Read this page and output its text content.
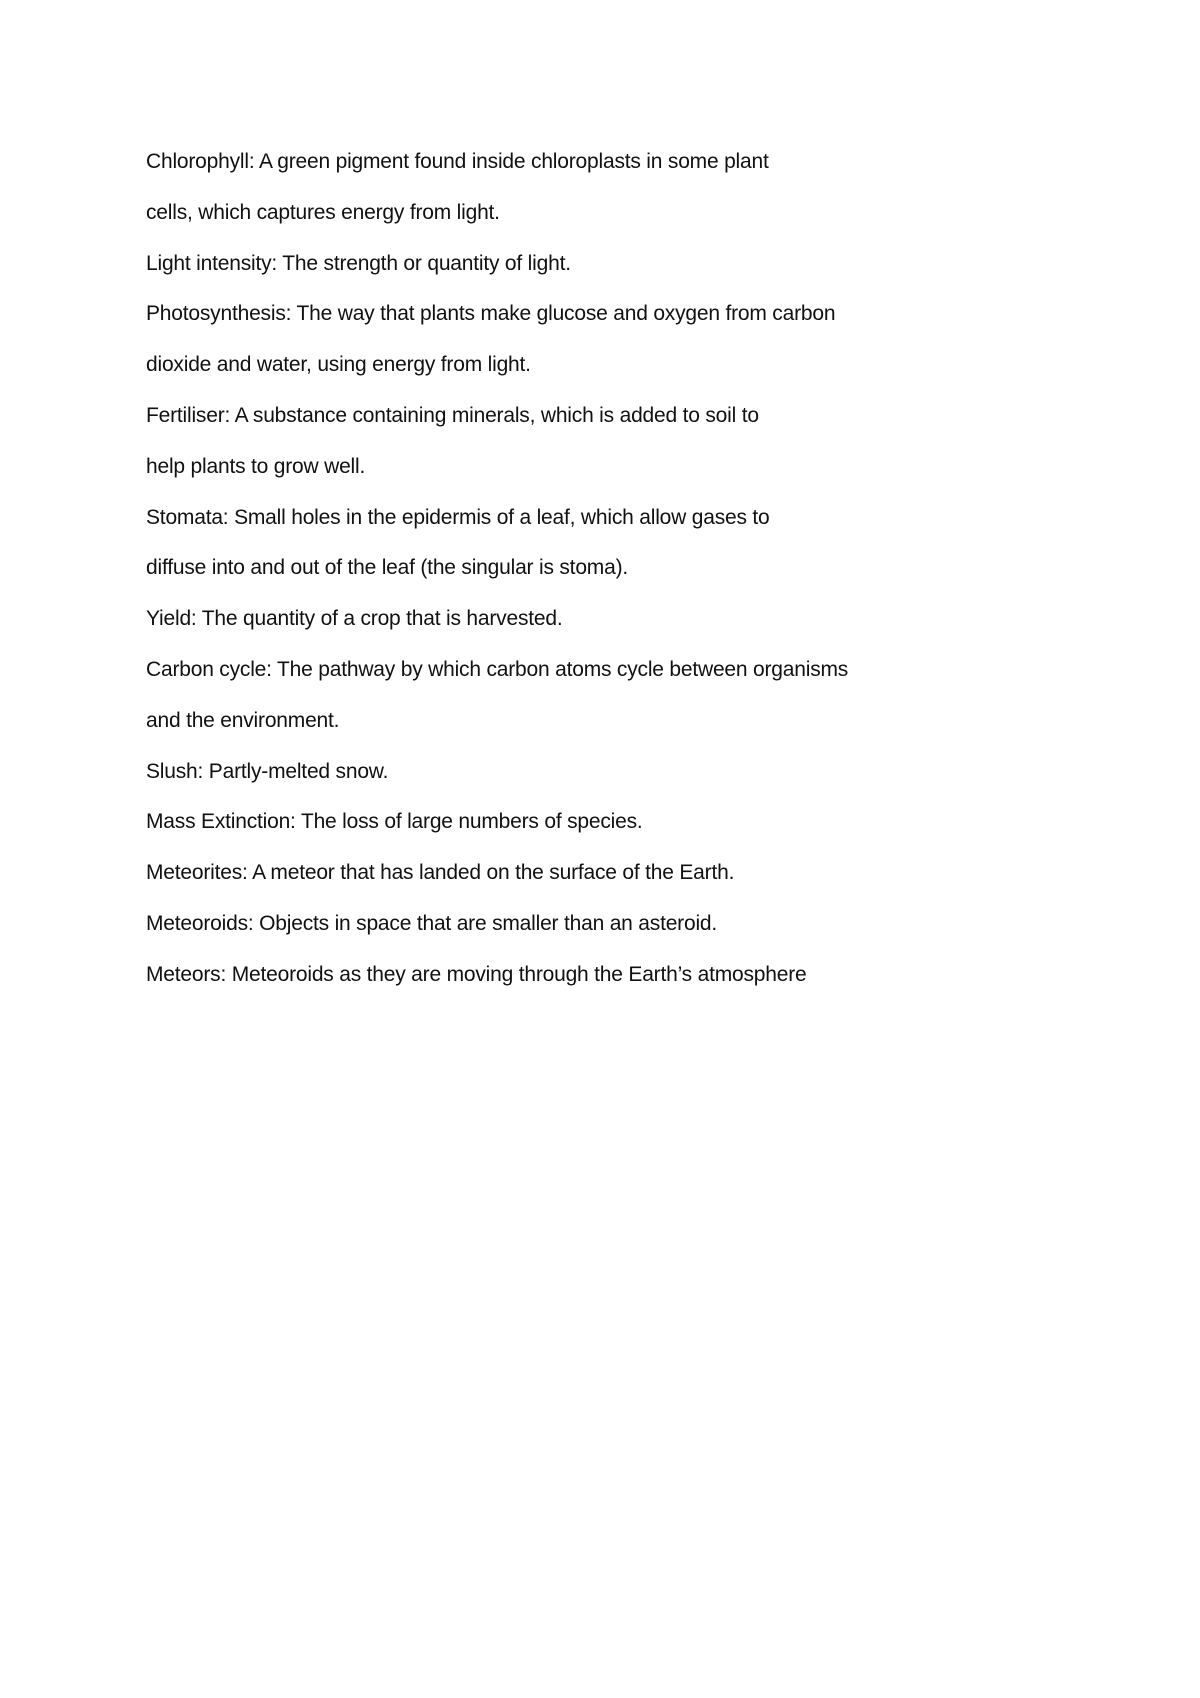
Chlorophyll: A green pigment found inside chloroplasts in some plant
cells, which captures energy from light.
Light intensity: The strength or quantity of light.
Photosynthesis: The way that plants make glucose and oxygen from carbon
dioxide and water, using energy from light.
Fertiliser: A substance containing minerals, which is added to soil to
help plants to grow well.
Stomata: Small holes in the epidermis of a leaf, which allow gases to
diffuse into and out of the leaf (the singular is stoma).
Yield: The quantity of a crop that is harvested.
Carbon cycle: The pathway by which carbon atoms cycle between organisms
and the environment.
Slush: Partly-melted snow.
Mass Extinction: The loss of large numbers of species.
Meteorites: A meteor that has landed on the surface of the Earth.
Meteoroids: Objects in space that are smaller than an asteroid.
Meteors: Meteoroids as they are moving through the Earth’s atmosphere
